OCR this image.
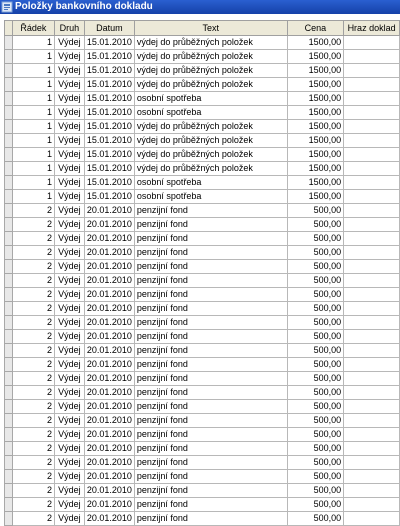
Položky bankovního dokladu
	Řádek	Druh	Datum	Text	Cena	Hraz doklad
	1	Výdej	15.01.2010	výdej do průběžných položek	1500,00	
	1	Výdej	15.01.2010	výdej do průběžných položek	1500,00	
	1	Výdej	15.01.2010	výdej do průběžných položek	1500,00	
	1	Výdej	15.01.2010	výdej do průběžných položek	1500,00	
	1	Výdej	15.01.2010	osobní spotřeba	1500,00	
	1	Výdej	15.01.2010	osobní spotřeba	1500,00	
	1	Výdej	15.01.2010	výdej do průběžných položek	1500,00	
	1	Výdej	15.01.2010	výdej do průběžných položek	1500,00	
	1	Výdej	15.01.2010	výdej do průběžných položek	1500,00	
	1	Výdej	15.01.2010	výdej do průběžných položek	1500,00	
	1	Výdej	15.01.2010	osobní spotřeba	1500,00	
	1	Výdej	15.01.2010	osobní spotřeba	1500,00	
	2	Výdej	20.01.2010	penzijní fond	500,00	
	2	Výdej	20.01.2010	penzijní fond	500,00	
	2	Výdej	20.01.2010	penzijní fond	500,00	
	2	Výdej	20.01.2010	penzijní fond	500,00	
	2	Výdej	20.01.2010	penzijní fond	500,00	
	2	Výdej	20.01.2010	penzijní fond	500,00	
	2	Výdej	20.01.2010	penzijní fond	500,00	
	2	Výdej	20.01.2010	penzijní fond	500,00	
	2	Výdej	20.01.2010	penzijní fond	500,00	
	2	Výdej	20.01.2010	penzijní fond	500,00	
	2	Výdej	20.01.2010	penzijní fond	500,00	
	2	Výdej	20.01.2010	penzijní fond	500,00	
	2	Výdej	20.01.2010	penzijní fond	500,00	
	2	Výdej	20.01.2010	penzijní fond	500,00	
	2	Výdej	20.01.2010	penzijní fond	500,00	
	2	Výdej	20.01.2010	penzijní fond	500,00	
	2	Výdej	20.01.2010	penzijní fond	500,00	
	2	Výdej	20.01.2010	penzijní fond	500,00	
	2	Výdej	20.01.2010	penzijní fond	500,00	
	2	Výdej	20.01.2010	penzijní fond	500,00	
	2	Výdej	20.01.2010	penzijní fond	500,00	
	2	Výdej	20.01.2010	penzijní fond	500,00	
	2	Výdej	20.01.2010	penzijní fond	500,00	
